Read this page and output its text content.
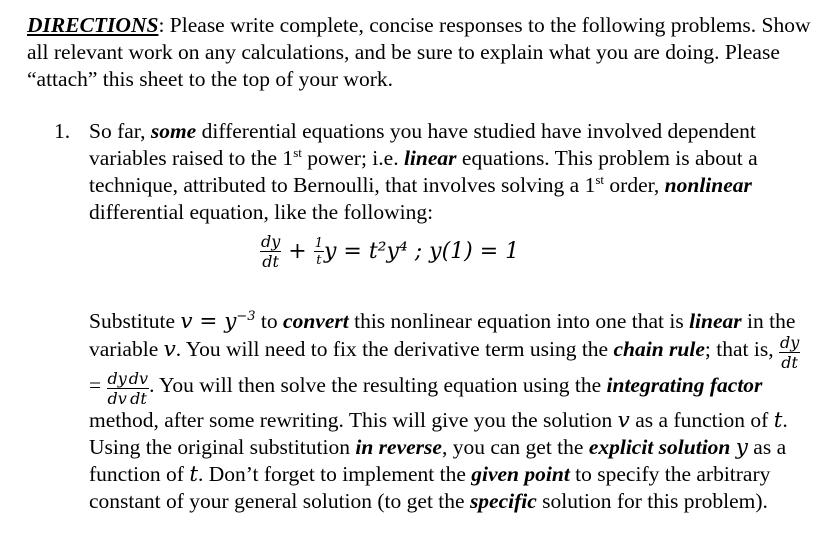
DIRECTIONS: Please write complete, concise responses to the following problems. Show all relevant work on any calculations, and be sure to explain what you are doing. Please “attach” this sheet to the top of your work.

1. So far, some differential equations you have studied have involved dependent variables raised to the 1st power; i.e. linear equations. This problem is about a technique, attributed to Bernoulli, that involves solving a 1st order, nonlinear differential equation, like the following:

$\frac{dy}{dt} + \frac{1}{t}$ y = t²y⁴ ; y(1) = 1

Substitute $v = y^{-3}$ to convert this nonlinear equation into one that is linear in the variable v. You will need to fix the derivative term using the chain rule; that is, $\frac{dy}{dt}$
= $\frac{dy}{dv} \frac{dv}{dt}$ . You will then solve the resulting equation using the integrating factor method, after some rewriting. This will give you the solution v as a function of t. Using the original substitution in reverse, you can get the explicit solution y as a function of t. Don’t forget to implement the given point to specify the arbitrary constant of your general solution (to get the specific solution for this problem).
